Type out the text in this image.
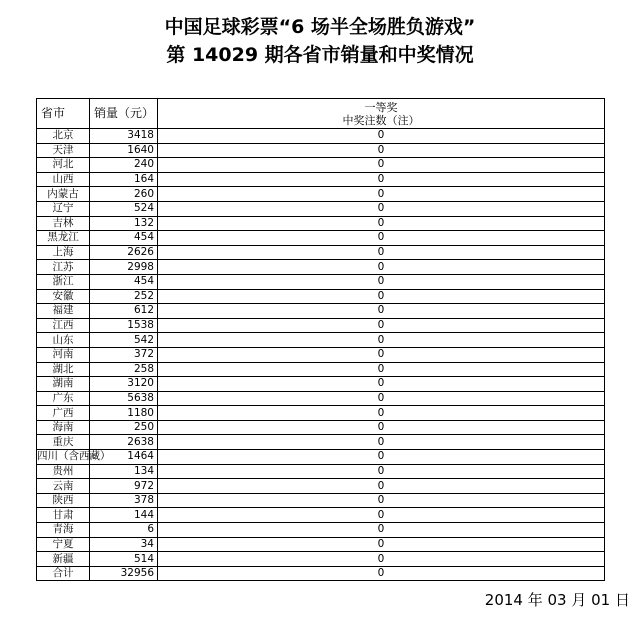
中国足球彩票“6 场半全场胜负游戏”
第 14029 期各省市销量和中奖情况
省市	销量（元）	一等奖
中奖注数（注）

北京	3418	0
天津	1640	0
河北	240	0
山西	164	0
内蒙古	260	0
辽宁	524	0
吉林	132	0
黑龙江	454	0
上海	2626	0
江苏	2998	0
浙江	454	0
安徽	252	0
福建	612	0
江西	1538	0
山东	542	0
河南	372	0
湖北	258	0
湖南	3120	0
广东	5638	0
广西	1180	0
海南	250	0
重庆	2638	0
四川（含西藏）	1464	0
贵州	134	0
云南	972	0
陕西	378	0
甘肃	144	0
青海	6	0
宁夏	34	0
新疆	514	0
合计	32956	0
2014 年 03 月 01 日
